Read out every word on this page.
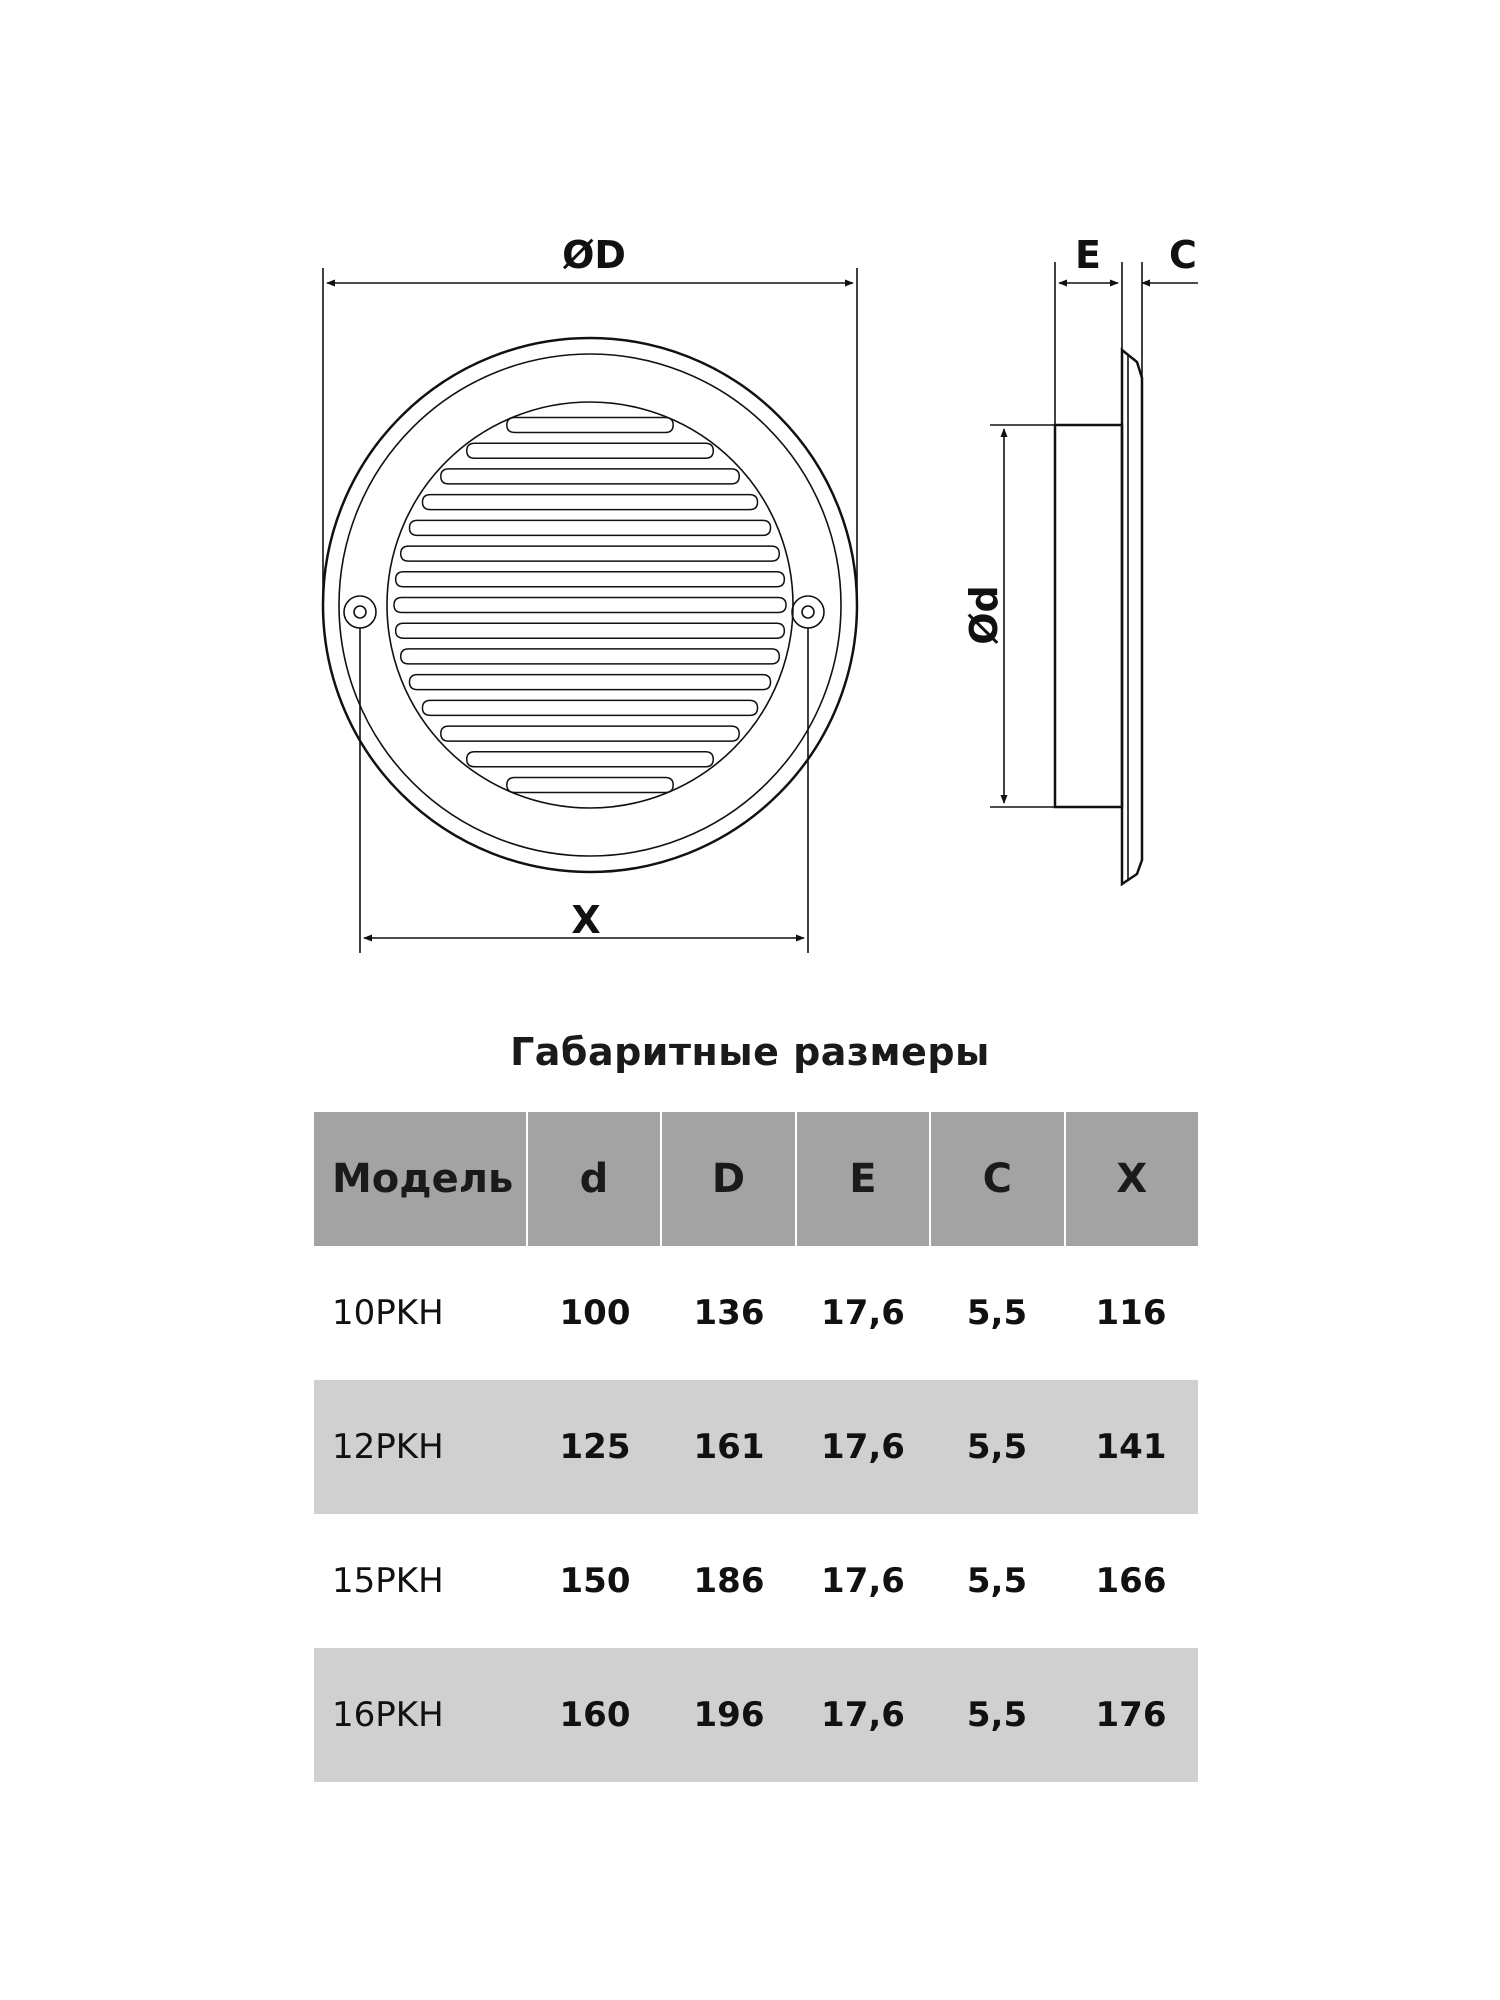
ØD
X
Ød
E C
Габаритные размеры
Модель	d	D	E	C	X
10PKH	100	136	17,6	5,5	116
12PKH	125	161	17,6	5,5	141
15PKH	150	186	17,6	5,5	166
16PKH	160	196	17,6	5,5	176
